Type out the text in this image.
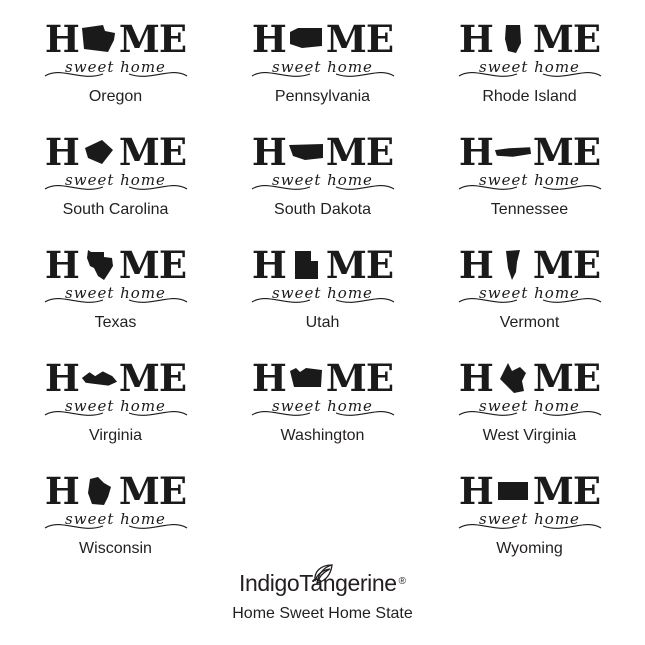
H ME
sweet home
Oregon
H ME
sweet home
Pennsylvania
H ME
sweet home
Rhode Island
H ME
sweet home
South Carolina
H ME
sweet home
South Dakota
H ME
sweet home
Tennessee
H ME
sweet home
Texas
H ME
sweet home
Utah
H ME
sweet home
Vermont
H ME
sweet home
Virginia
H ME
sweet home
Washington
H ME
sweet home
West Virginia
H ME
sweet home
Wisconsin
H ME
sweet home
Wyoming
IndigoTangerine ®
Home Sweet Home State
